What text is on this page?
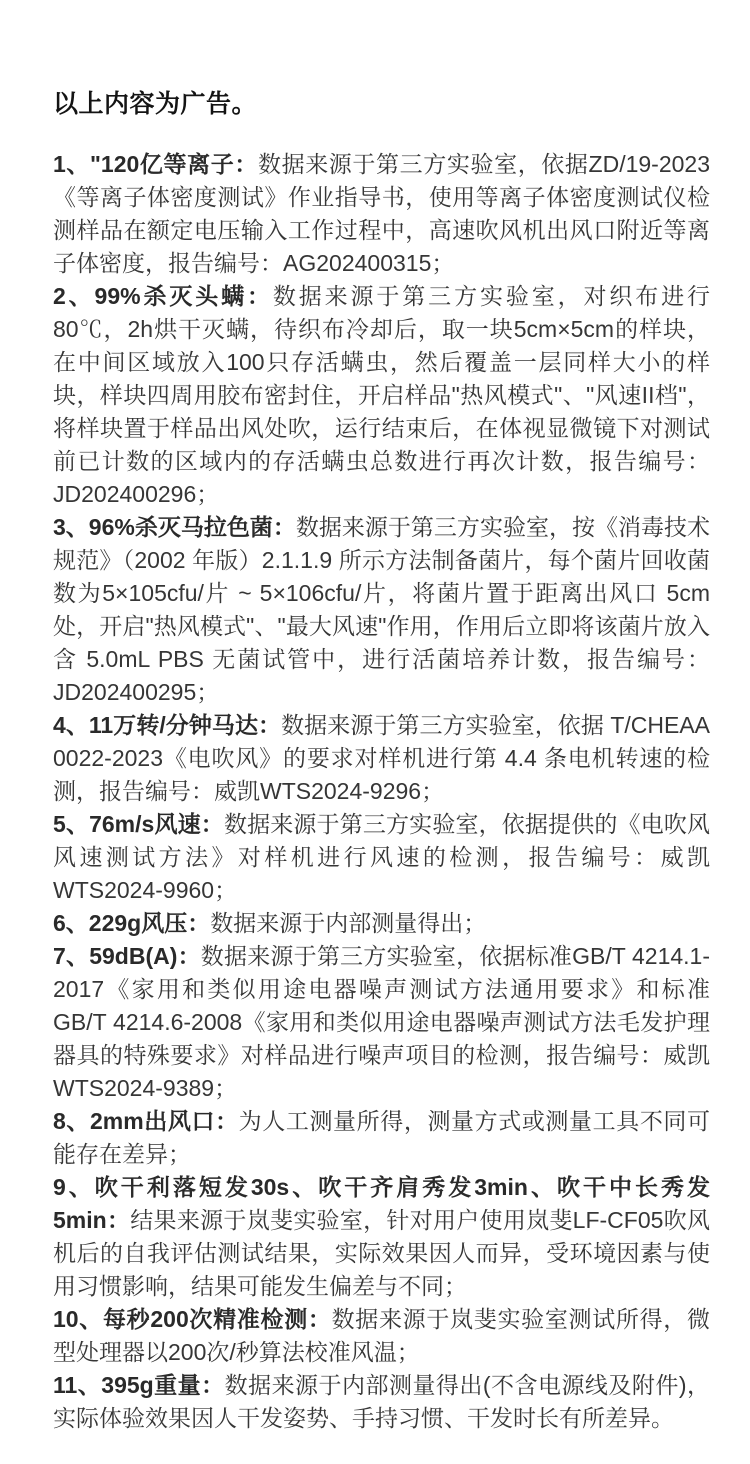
以上内容为广告。

1、"120亿等离子：数据来源于第三方实验室，依据ZD/19-2023《等离子体密度测试》作业指导书，使用等离子体密度测试仪检测样品在额定电压输入工作过程中，高速吹风机出风口附近等离子体密度，报告编号：AG202400315；

2、99%杀灭头螨：数据来源于第三方实验室，对织布进行80℃，2h烘干灭螨，待织布冷却后，取一块5cm×5cm的样块，在中间区域放入100只存活螨虫，然后覆盖一层同样大小的样块，样块四周用胶布密封住，开启样品"热风模式"、"风速II档"，将样块置于样品出风处吹，运行结束后，在体视显微镜下对测试前已计数的区域内的存活螨虫总数进行再次计数，报告编号：JD202400296；

3、96%杀灭马拉色菌：数据来源于第三方实验室，按《消毒技术规范》（2002 年版）2.1.1.9 所示方法制备菌片，每个菌片回收菌数为5×105cfu/片 ~ 5×106cfu/片，将菌片置于距离出风口 5cm 处，开启"热风模式"、"最大风速"作用，作用后立即将该菌片放入含 5.0mL PBS 无菌试管中，进行活菌培养计数，报告编号：JD202400295；

4、11万转/分钟马达：数据来源于第三方实验室，依据 T/CHEAA 0022-2023《电吹风》的要求对样机进行第 4.4 条电机转速的检测，报告编号：威凯WTS2024-9296；

5、76m/s风速：数据来源于第三方实验室，依据提供的《电吹风风速测试方法》对样机进行风速的检测，报告编号：威凯WTS2024-9960；

6、229g风压：数据来源于内部测量得出；

7、59dB(A)：数据来源于第三方实验室，依据标准GB/T 4214.1-2017《家用和类似用途电器噪声测试方法通用要求》和标准 GB/T 4214.6-2008《家用和类似用途电器噪声测试方法毛发护理器具的特殊要求》对样品进行噪声项目的检测，报告编号：威凯WTS2024-9389；

8、2mm出风口：为人工测量所得，测量方式或测量工具不同可能存在差异；

9、吹干利落短发30s、吹干齐肩秀发3min、吹干中长秀发5min：结果来源于岚斐实验室，针对用户使用岚斐LF-CF05吹风机后的自我评估测试结果，实际效果因人而异，受环境因素与使用习惯影响，结果可能发生偏差与不同；

10、每秒200次精准检测：数据来源于岚斐实验室测试所得，微型处理器以200次/秒算法校准风温；

11、395g重量：数据来源于内部测量得出(不含电源线及附件)，实际体验效果因人干发姿势、手持习惯、干发时长有所差异。
